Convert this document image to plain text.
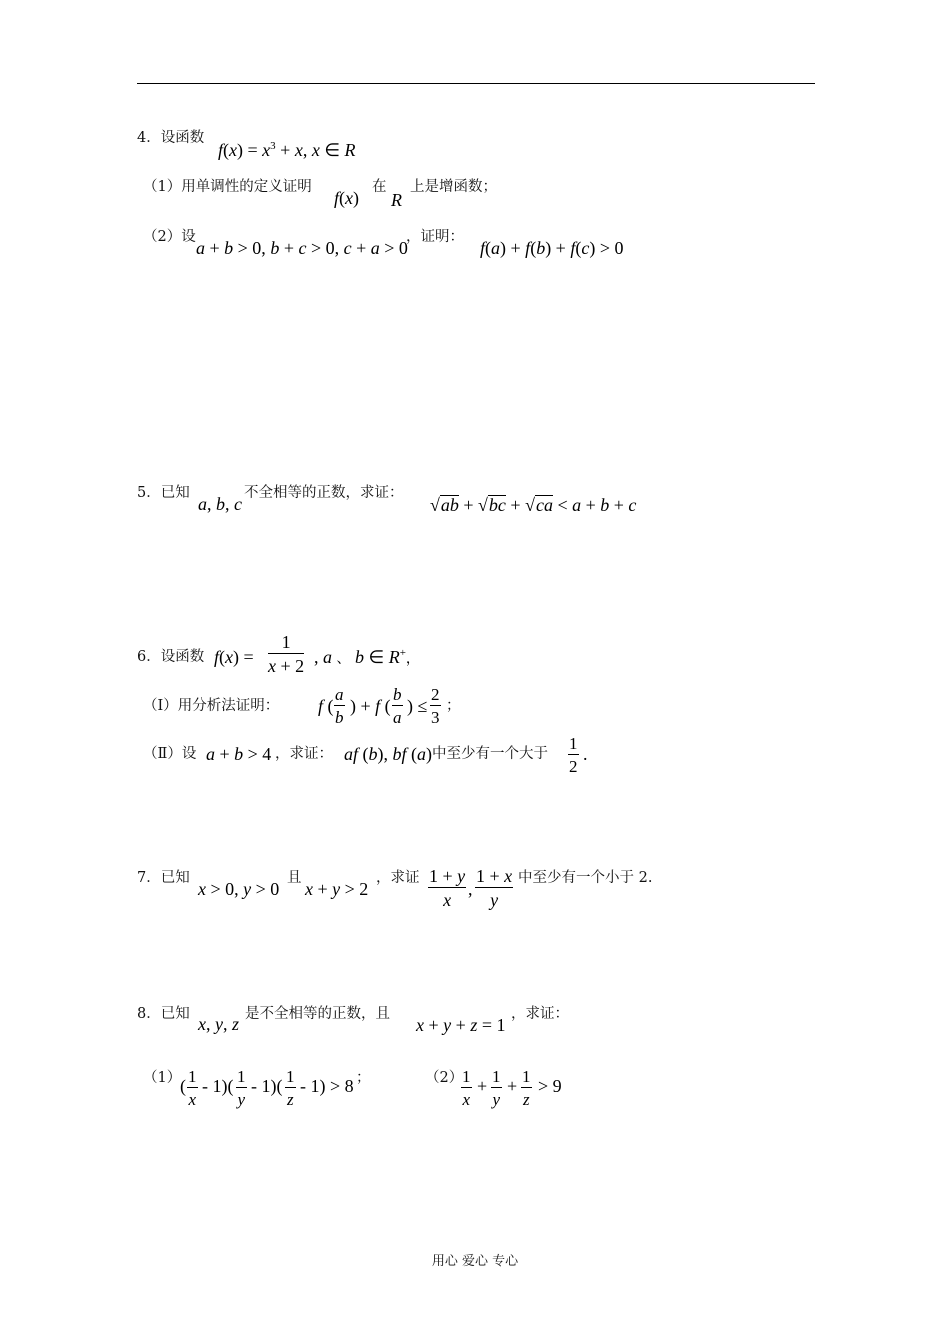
4．设函数
$f(x) = x^3 + x$, x ∈ R
（1）用单调性的定义证明
f(x)
在
R
上是增函数；
（2）设
a + b > 0, b + c > 0, c + a > 0
，证明：
f(a) + f(b) + f(c) > 0
5．已知
a, b, c
不全相等的正数，求证：
√ab + √bc + √ca < a + b + c
6．设函数 $f(x) = \frac{1}{x + 2}$ , a 、 b ∈ R+，
（Ⅰ）用分析法证明： f ( $\frac{a}{b}$ ) + f ( $\frac{b}{a}$ ) ≤ $\frac{2}{3}$ ；
（Ⅱ）设 a + b > 4 ，求证： af (b), bf (a) 中至少有一个大于 $\frac{1}{2}$ .
7．已知
x > 0, y > 0
且
x + y > 2
，求证 $\frac{1 + y}{x}$ , $\frac{1 + x}{y}$ 中至少有一个小于 2.
8．已知 x, y, z 是不全相等的正数，且
x + y + z = 1
，求证：
（1）
( $\frac{1}{x} - 1)( \frac{1}{y} - 1)( \frac{1}{z} - 1) > 8$ ；	（2）
$\frac{1}{x} + \frac{1}{y} + \frac{1}{z} > 9$
用心 爱心 专心
